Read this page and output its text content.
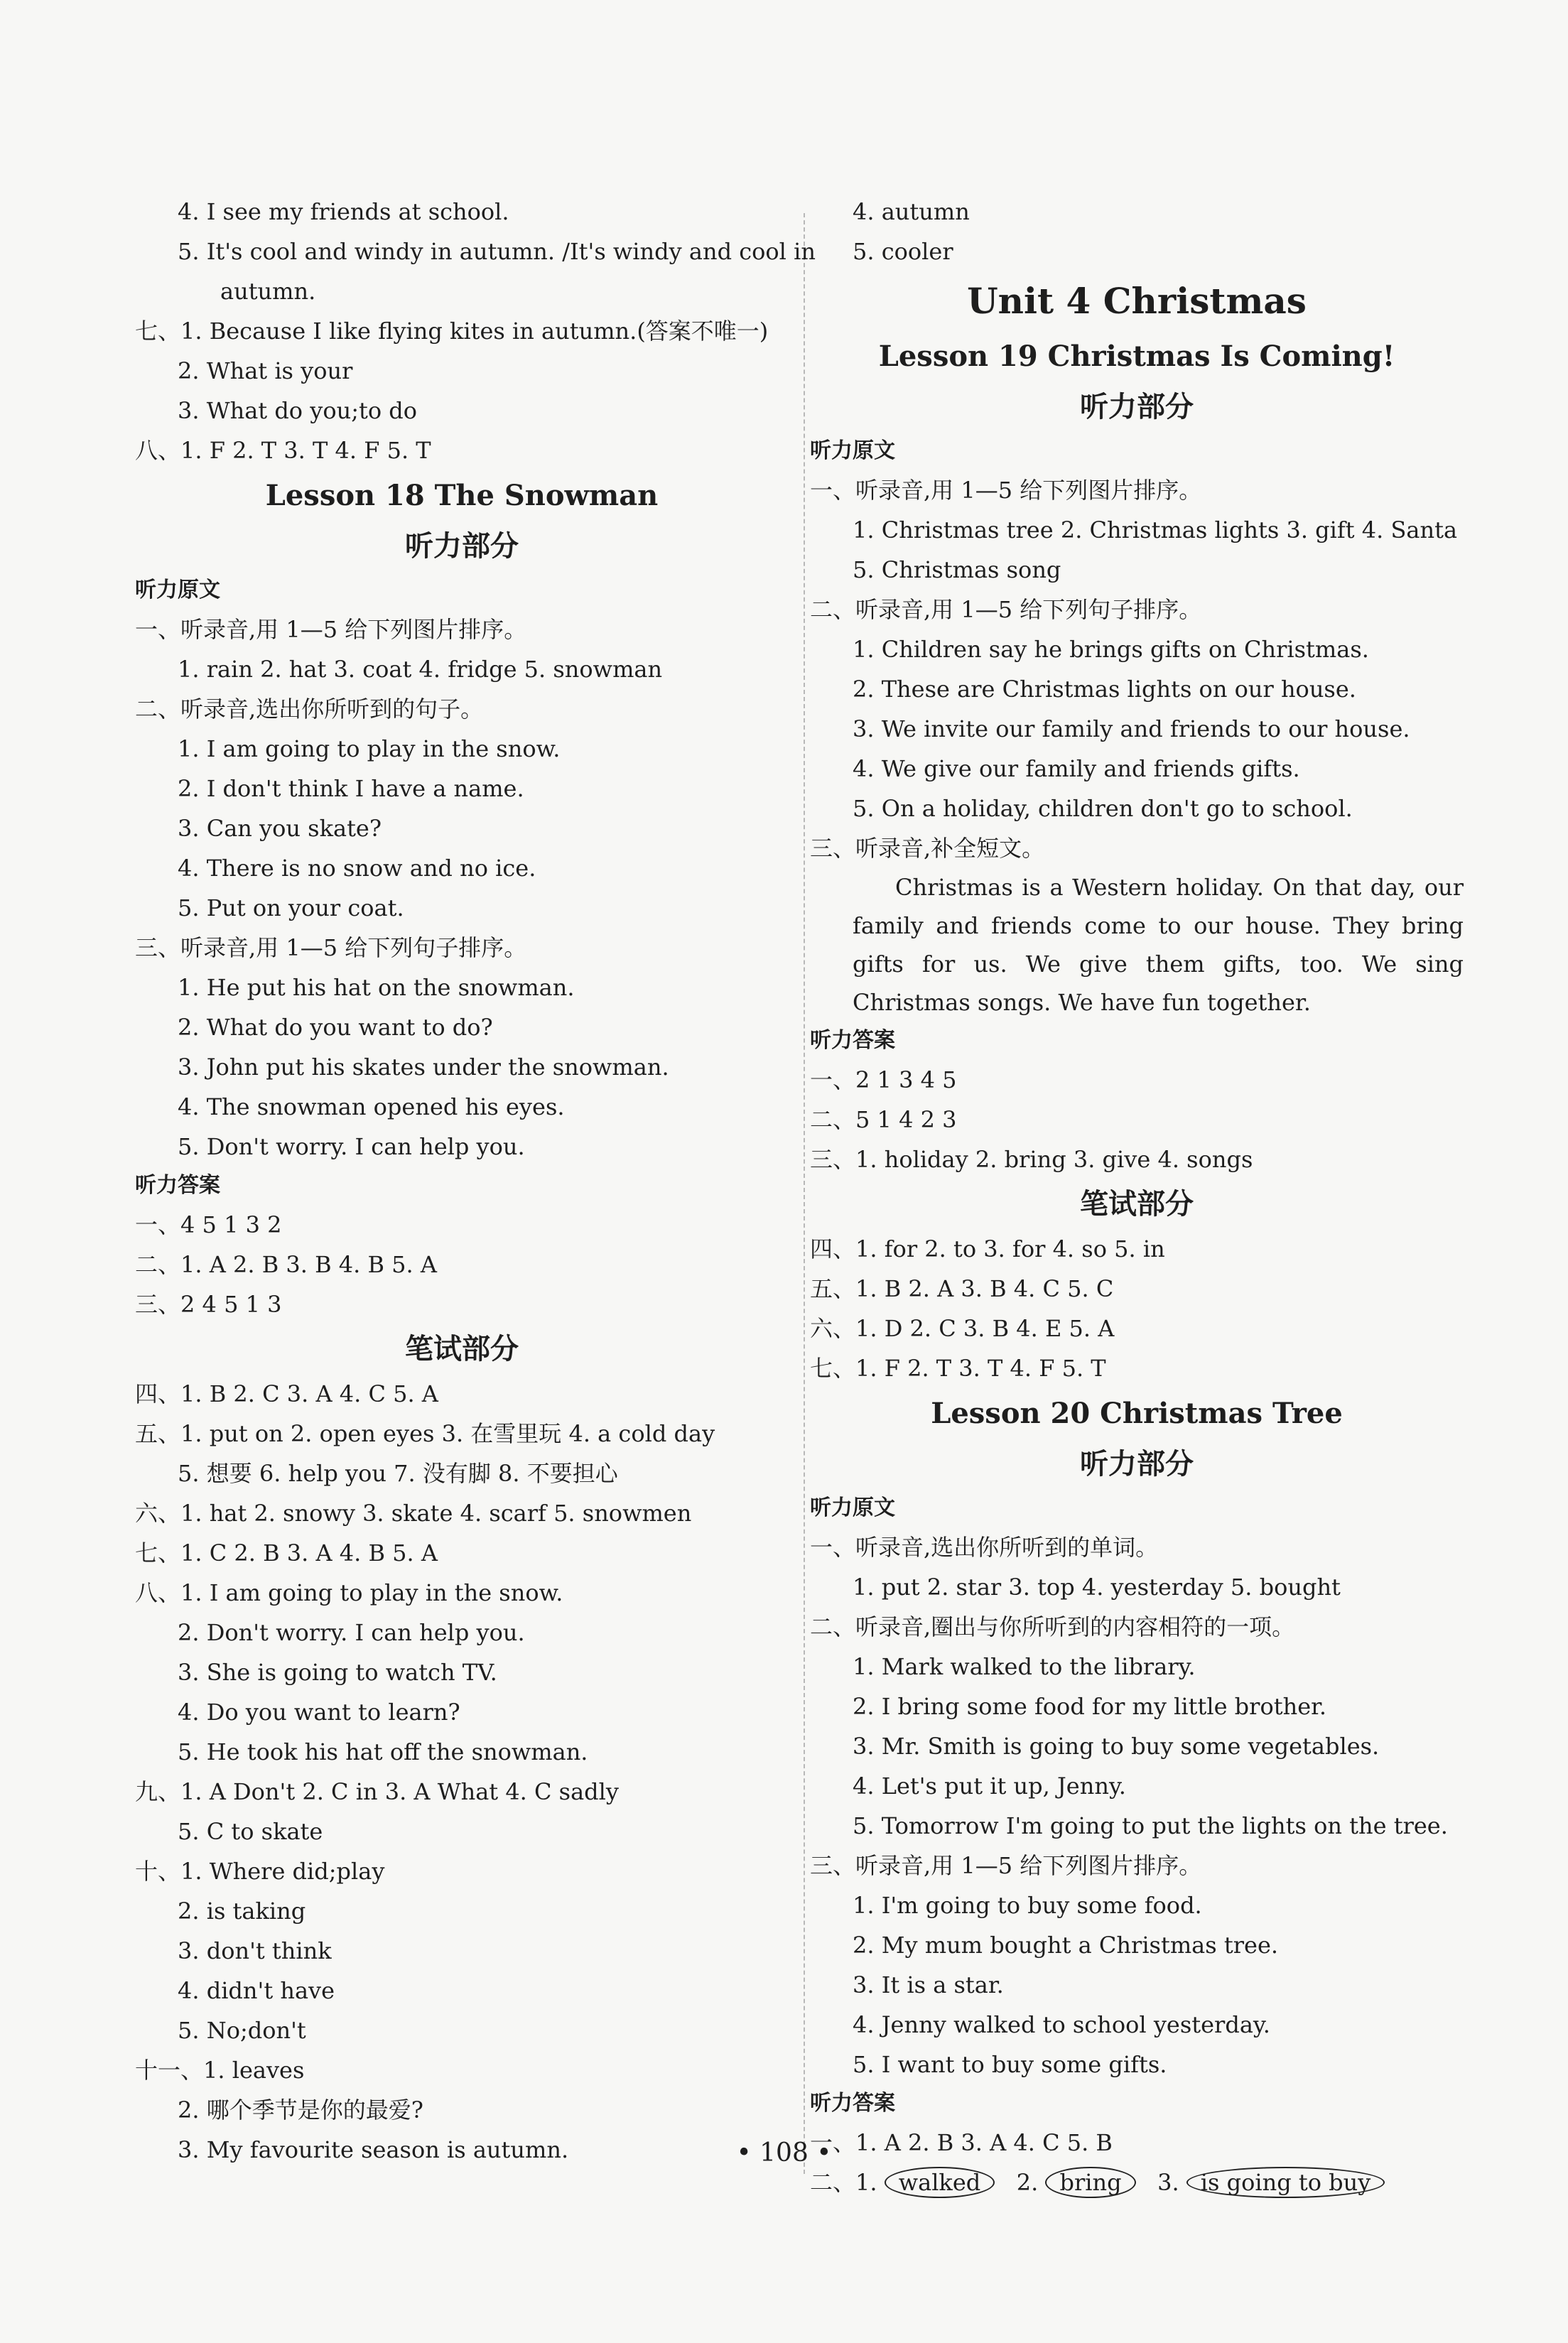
4. I see my friends at school.
5. It's cool and windy in autumn. /It's windy and cool in
autumn.
七、1. Because I like flying kites in autumn.(答案不唯一)
2. What is your
3. What do you;to do
八、1. F 2. T 3. T 4. F 5. T
Lesson 18 The Snowman
听力部分
听力原文
一、听录音,用 1—5 给下列图片排序。
1. rain 2. hat 3. coat 4. fridge 5. snowman
二、听录音,选出你所听到的句子。
1. I am going to play in the snow.
2. I don't think I have a name.
3. Can you skate?
4. There is no snow and no ice.
5. Put on your coat.
三、听录音,用 1—5 给下列句子排序。
1. He put his hat on the snowman.
2. What do you want to do?
3. John put his skates under the snowman.
4. The snowman opened his eyes.
5. Don't worry. I can help you.
听力答案
一、4 5 1 3 2
二、1. A 2. B 3. B 4. B 5. A
三、2 4 5 1 3
笔试部分
四、1. B 2. C 3. A 4. C 5. A
五、1. put on 2. open eyes 3. 在雪里玩 4. a cold day
5. 想要 6. help you 7. 没有脚 8. 不要担心
六、1. hat 2. snowy 3. skate 4. scarf 5. snowmen
七、1. C 2. B 3. A 4. B 5. A
八、1. I am going to play in the snow.
2. Don't worry. I can help you.
3. She is going to watch TV.
4. Do you want to learn?
5. He took his hat off the snowman.
九、1. A Don't 2. C in 3. A What 4. C sadly
5. C to skate
十、1. Where did;play
2. is taking
3. don't think
4. didn't have
5. No;don't
十一、1. leaves
2. 哪个季节是你的最爱?
3. My favourite season is autumn.
4. autumn
5. cooler
Unit 4 Christmas
Lesson 19 Christmas Is Coming!
听力部分
听力原文
一、听录音,用 1—5 给下列图片排序。
1. Christmas tree 2. Christmas lights 3. gift 4. Santa
5. Christmas song
二、听录音,用 1—5 给下列句子排序。
1. Children say he brings gifts on Christmas.
2. These are Christmas lights on our house.
3. We invite our family and friends to our house.
4. We give our family and friends gifts.
5. On a holiday, children don't go to school.
三、听录音,补全短文。
Christmas is a Western holiday. On that day, our family and friends come to our house. They bring gifts for us. We give them gifts, too. We sing Christmas songs. We have fun together.
听力答案
一、2 1 3 4 5
二、5 1 4 2 3
三、1. holiday 2. bring 3. give 4. songs
笔试部分
四、1. for 2. to 3. for 4. so 5. in
五、1. B 2. A 3. B 4. C 5. C
六、1. D 2. C 3. B 4. E 5. A
七、1. F 2. T 3. T 4. F 5. T
Lesson 20 Christmas Tree
听力部分
听力原文
一、听录音,选出你所听到的单词。
1. put 2. star 3. top 4. yesterday 5. bought
二、听录音,圈出与你所听到的内容相符的一项。
1. Mark walked to the library.
2. I bring some food for my little brother.
3. Mr. Smith is going to buy some vegetables.
4. Let's put it up, Jenny.
5. Tomorrow I'm going to put the lights on the tree.
三、听录音,用 1—5 给下列图片排序。
1. I'm going to buy some food.
2. My mum bought a Christmas tree.
3. It is a star.
4. Jenny walked to school yesterday.
5. I want to buy some gifts.
听力答案
一、1. A 2. B 3. A 4. C 5. B
二、1. walked 2. bring 3. is going to buy
• 108 •
